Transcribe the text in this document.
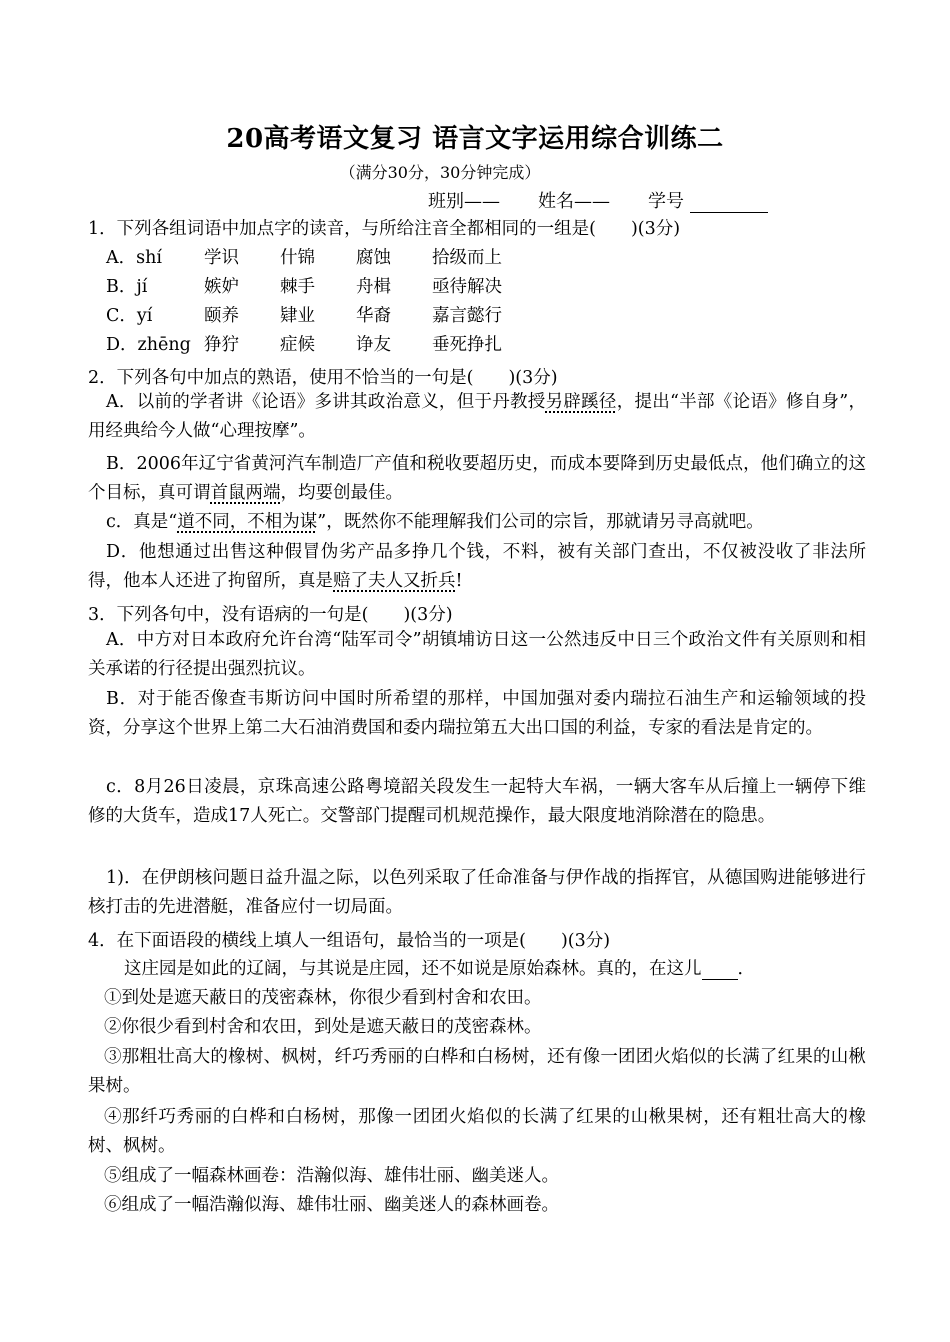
20高考语文复习 语言文字运用综合训练二
（满分30分，30分钟完成）
班别—— 姓名—— 学号
1．下列各组词语中加点字的读音，与所给注音全都相同的一组是(　　)(3分)
A．shí 学识 什锦 腐蚀 拾级而上
B．jí	嫉妒 棘手 舟楫 亟待解决
C．yí	颐养 肄业 华裔 嘉言懿行
D．zhēng 狰狞 症候 诤友 垂死挣扎
2．下列各句中加点的熟语，使用不恰当的一句是(　　)(3分)
A．以前的学者讲《论语》多讲其政治意义，但于丹教授另辟蹊径，提出“半部《论语》修自身”，用经典给今人做“心理按摩”。
B．2006年辽宁省黄河汽车制造厂产值和税收要超历史，而成本要降到历史最低点，他们确立的这个目标，真可谓首鼠两端，均要创最佳。
c．真是“道不同，不相为谋”，既然你不能理解我们公司的宗旨，那就请另寻高就吧。
D．他想通过出售这种假冒伪劣产品多挣几个钱，不料，被有关部门查出，不仅被没收了非法所得，他本人还进了拘留所，真是赔了夫人又折兵!
3．下列各句中，没有语病的一句是(　　)(3分)
A．中方对日本政府允许台湾“陆军司令”胡镇埔访日这一公然违反中日三个政治文件有关原则和相关承诺的行径提出强烈抗议。
B．对于能否像查韦斯访问中国时所希望的那样，中国加强对委内瑞拉石油生产和运输领域的投资，分享这个世界上第二大石油消费国和委内瑞拉第五大出口国的利益，专家的看法是肯定的。
c．8月26日凌晨，京珠高速公路粤境韶关段发生一起特大车祸，一辆大客车从后撞上一辆停下维修的大货车，造成17人死亡。交警部门提醒司机规范操作，最大限度地消除潜在的隐患。
1)．在伊朗核问题日益升温之际，以色列采取了任命准备与伊作战的指挥官，从德国购进能够进行核打击的先进潜艇，准备应付一切局面。
4．在下面语段的横线上填人一组语句，最恰当的一项是(　　)(3分)
这庄园是如此的辽阔，与其说是庄园，还不如说是原始森林。真的，在这儿 ．
①到处是遮天蔽日的茂密森林，你很少看到村舍和农田。
②你很少看到村舍和农田，到处是遮天蔽日的茂密森林。
③那粗壮高大的橡树、枫树，纤巧秀丽的白桦和白杨树，还有像一团团火焰似的长满了红果的山楸果树。
④那纤巧秀丽的白桦和白杨树，那像一团团火焰似的长满了红果的山楸果树，还有粗壮高大的橡 树、枫树。
⑤组成了一幅森林画卷：浩瀚似海、雄伟壮丽、幽美迷人。
⑥组成了一幅浩瀚似海、雄伟壮丽、幽美迷人的森林画卷。
